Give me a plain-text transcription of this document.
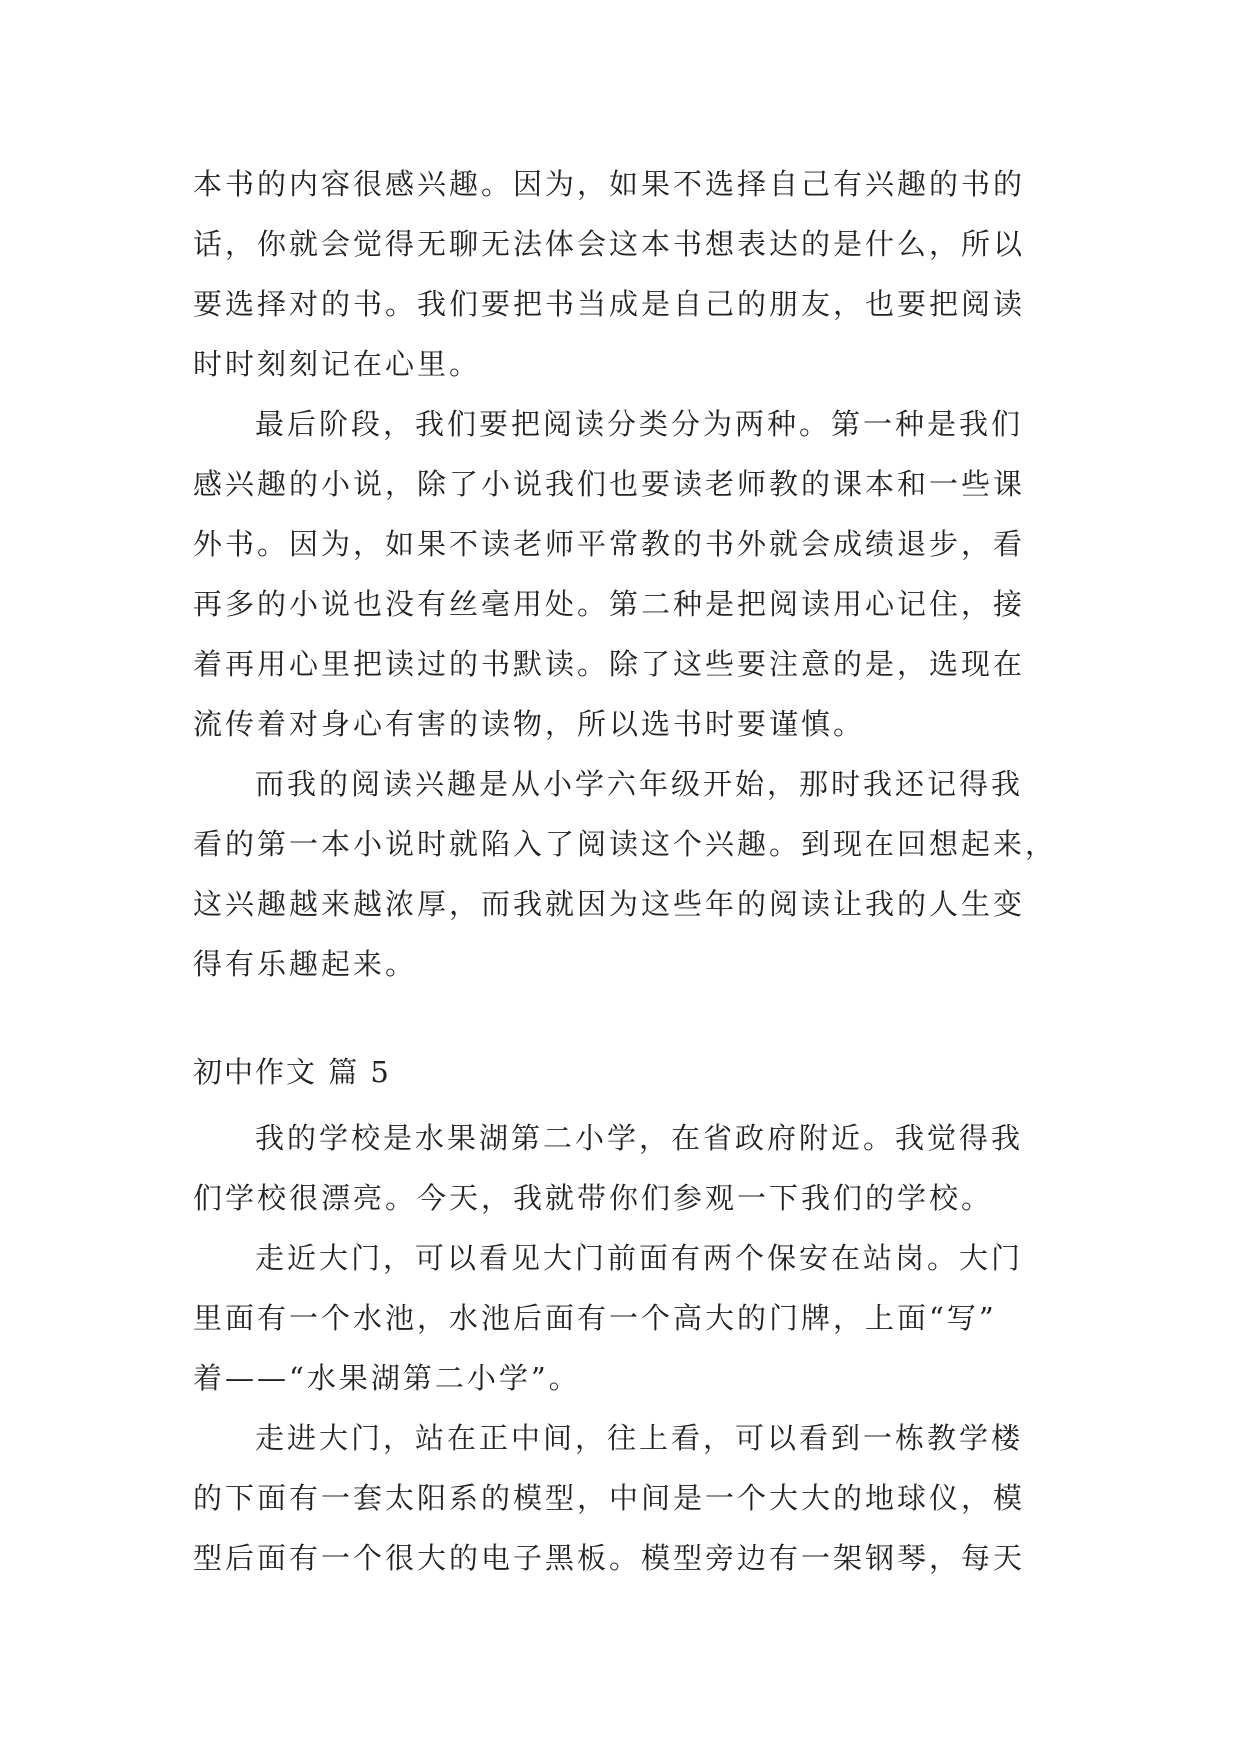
本书的内容很感兴趣。因为，如果不选择自己有兴趣的书的
话，你就会觉得无聊无法体会这本书想表达的是什么，所以
要选择对的书。我们要把书当成是自己的朋友，也要把阅读
时时刻刻记在心里。
最后阶段，我们要把阅读分类分为两种。第一种是我们
感兴趣的小说，除了小说我们也要读老师教的课本和一些课
外书。因为，如果不读老师平常教的书外就会成绩退步，看
再多的小说也没有丝毫用处。第二种是把阅读用心记住，接
着再用心里把读过的书默读。除了这些要注意的是，选现在
流传着对身心有害的读物，所以选书时要谨慎。
而我的阅读兴趣是从小学六年级开始，那时我还记得我
看的第一本小说时就陷入了阅读这个兴趣。到现在回想起来，
这兴趣越来越浓厚，而我就因为这些年的阅读让我的人生变
得有乐趣起来。
初中作文 篇 5
我的学校是水果湖第二小学，在省政府附近。我觉得我
们学校很漂亮。今天，我就带你们参观一下我们的学校。
走近大门，可以看见大门前面有两个保安在站岗。大门
里面有一个水池，水池后面有一个高大的门牌，上面“写”
着——“水果湖第二小学”。
走进大门，站在正中间，往上看，可以看到一栋教学楼
的下面有一套太阳系的模型，中间是一个大大的地球仪，模
型后面有一个很大的电子黑板。模型旁边有一架钢琴，每天
